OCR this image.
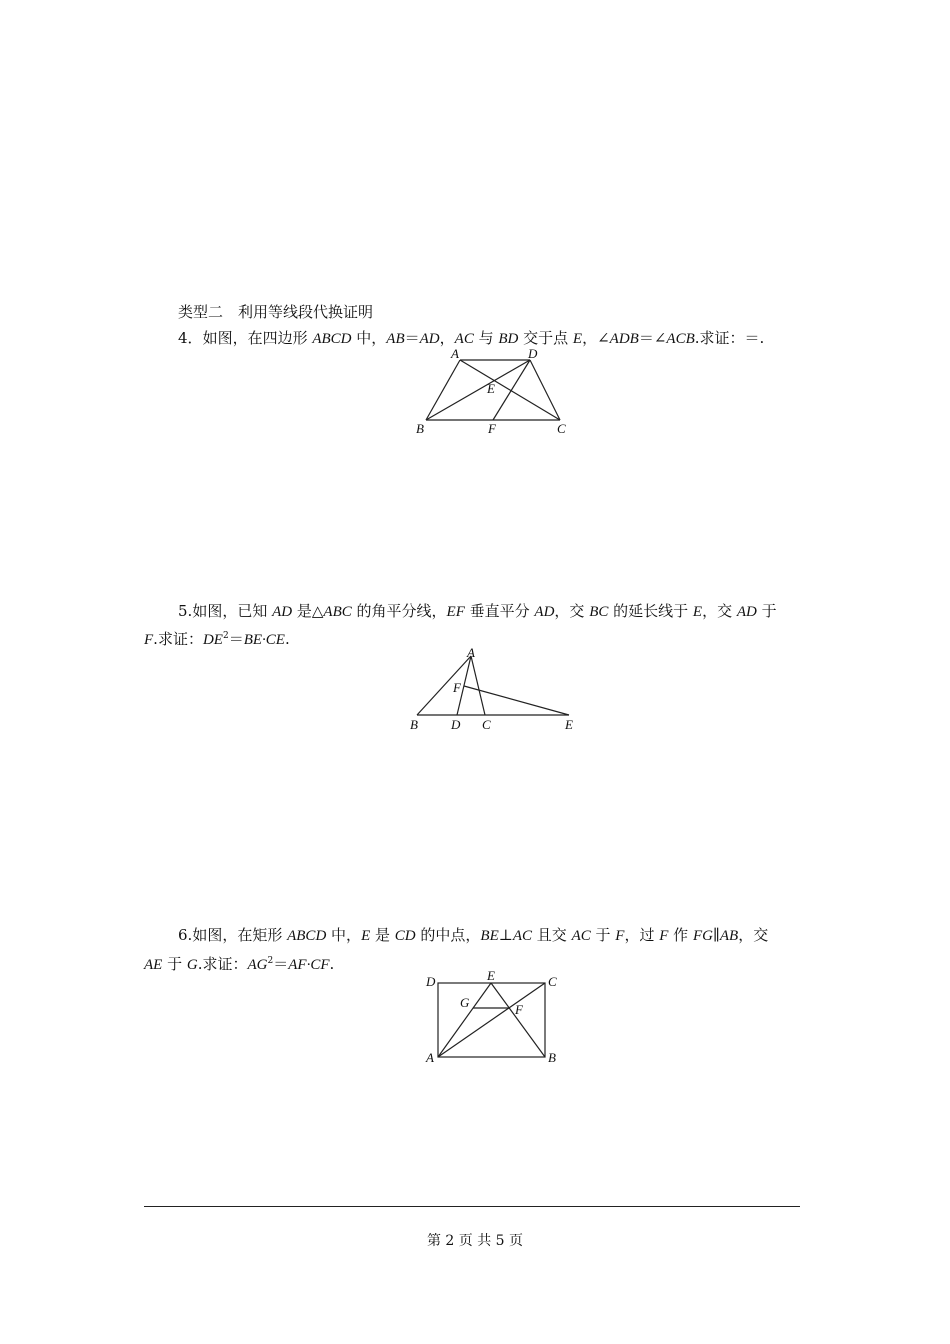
类型二　利用等线段代换证明
4．如图，在四边形 ABCD 中，AB＝AD，AC 与 BD 交于点 E，∠ADB＝∠ACB.求证：＝.
A	D
E
B	F	C
5.如图，已知 AD 是△ABC 的角平分线，EF 垂直平分 AD，交 BC 的延长线于 E，交 AD 于
F.求证：$DE^2=BE\cdot CE$.
A
F
B	D C	E
6.如图，在矩形 ABCD 中，E 是 CD 的中点，BE⊥AC 且交 AC 于 F，过 F 作 FG∥AB，交
AE 于 G.求证：$AG^2=AF\cdot CF$.
D	E	C
G	F
A	B
第 2 页 共 5 页
